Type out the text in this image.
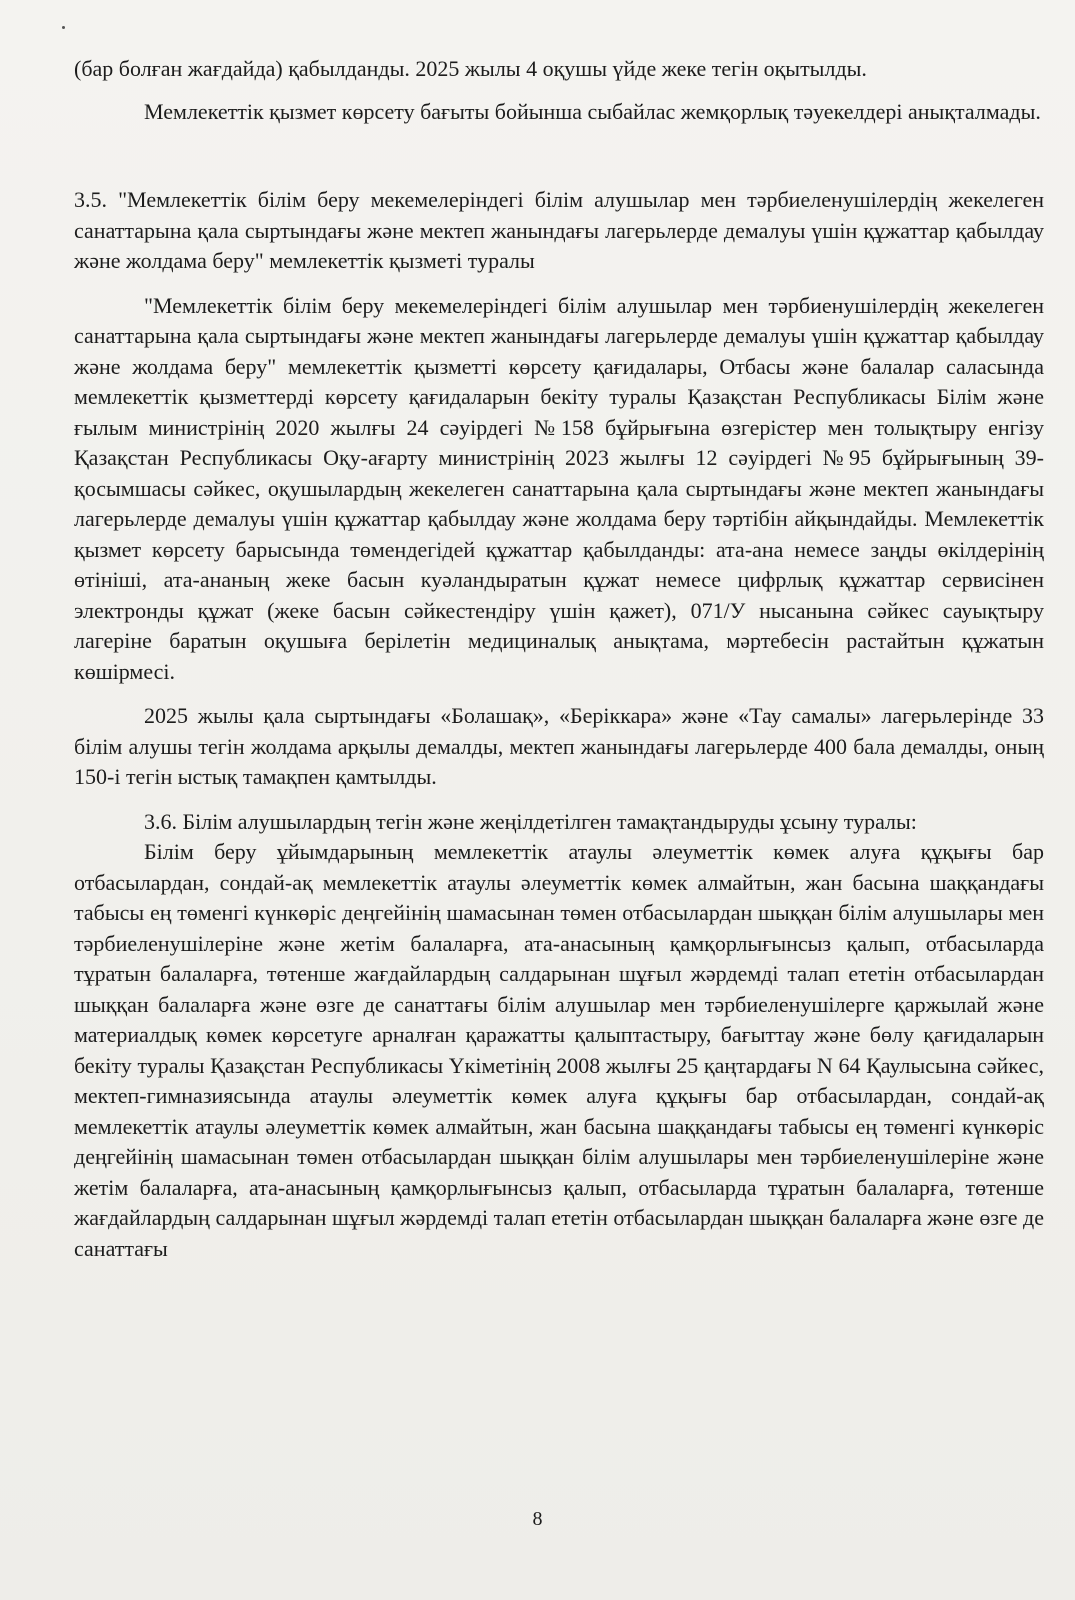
(бар болған жағдайда) қабылданды. 2025 жылы 4 оқушы үйде жеке тегін оқытылды.

Мемлекеттік қызмет көрсету бағыты бойынша сыбайлас жемқорлық тәуекелдері анықталмады.

3.5. "Мемлекеттік білім беру мекемелеріндегі білім алушылар мен тәрбиеленушілердің жекелеген санаттарына қала сыртындағы және мектеп жанындағы лагерьлерде демалуы үшін құжаттар қабылдау және жолдама беру" мемлекеттік қызметі туралы

"Мемлекеттік білім беру мекемелеріндегі білім алушылар мен тәрбиенушілердің жекелеген санаттарына қала сыртындағы және мектеп жанындағы лагерьлерде демалуы үшін құжаттар қабылдау және жолдама беру" мемлекеттік қызметті көрсету қағидалары, Отбасы және балалар саласында мемлекеттік қызметтерді көрсету қағидаларын бекіту туралы Қазақстан Республикасы Білім және ғылым министрінің 2020 жылғы 24 сәуірдегі №158 бұйрығына өзгерістер мен толықтыру енгізу Қазақстан Республикасы Оқу-ағарту министрінің 2023 жылғы 12 сәуірдегі №95 бұйрығының 39-қосымшасы сәйкес, оқушылардың жекелеген санаттарына қала сыртындағы және мектеп жанындағы лагерьлерде демалуы үшін құжаттар қабылдау және жолдама беру тәртібін айқындайды. Мемлекеттік қызмет көрсету барысында төмендегідей құжаттар қабылданды: ата-ана немесе заңды өкілдерінің өтініші, ата-ананың жеке басын куәландыратын құжат немесе цифрлық құжаттар сервисінен электронды құжат (жеке басын сәйкестендіру үшін қажет), 071/У нысанына сәйкес сауықтыру лагеріне баратын оқушыға берілетін медициналық анықтама, мәртебесін растайтын құжатын көшірмесі.

2025 жылы қала сыртындағы «Болашақ», «Беріккара» және «Тау самалы» лагерьлерінде 33 білім алушы тегін жолдама арқылы демалды, мектеп жанындағы лагерьлерде 400 бала демалды, оның 150-і тегін ыстық тамақпен қамтылды.

3.6. Білім алушылардың тегін және жеңілдетілген тамақтандыруды ұсыну туралы:

Білім беру ұйымдарының мемлекеттік атаулы әлеуметтік көмек алуға құқығы бар отбасылардан, сондай-ақ мемлекеттік атаулы әлеуметтік көмек алмайтын, жан басына шаққандағы табысы ең төменгі күнкөріс деңгейінің шамасынан төмен отбасылардан шыққан білім алушылары мен тәрбиеленушілеріне және жетім балаларға, ата-анасының қамқорлығынсыз қалып, отбасыларда тұратын балаларға, төтенше жағдайлардың салдарынан шұғыл жәрдемді талап ететін отбасылардан шыққан балаларға және өзге де санаттағы білім алушылар мен тәрбиеленушілерге қаржылай және материалдық көмек көрсетуге арналған қаражатты қалыптастыру, бағыттау және бөлу қағидаларын бекіту туралы Қазақстан Республикасы Үкіметінің 2008 жылғы 25 қаңтардағы N 64 Қаулысына сәйкес, мектеп-гимназиясында атаулы әлеуметтік көмек алуға құқығы бар отбасылардан, сондай-ақ мемлекеттік атаулы әлеуметтік көмек алмайтын, жан басына шаққандағы табысы ең төменгі күнкөріс деңгейінің шамасынан төмен отбасылардан шыққан білім алушылары мен тәрбиеленушілеріне және жетім балаларға, ата-анасының қамқорлығынсыз қалып, отбасыларда тұратын балаларға, төтенше жағдайлардың салдарынан шұғыл жәрдемді талап ететін отбасылардан шыққан балаларға және өзге де санаттағы

8
